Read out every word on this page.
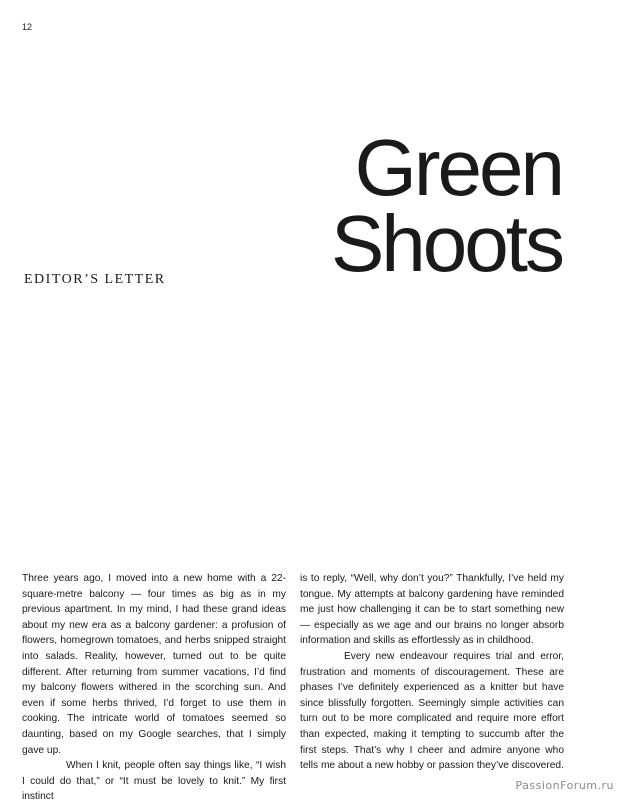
12
Green
Shoots
EDITOR’S LETTER

Three years ago, I moved into a new home with a 22-square-metre balcony — four times as big as in my previous apartment. In my mind, I had these grand ideas about my new era as a balcony gardener: a profusion of flowers, homegrown tomatoes, and herbs snipped straight into salads. Reality, however, turned out to be quite different. After returning from summer vacations, I’d find my balcony flowers withered in the scorching sun. And even if some herbs thrived, I’d forget to use them in cooking. The intricate world of tomatoes seemed so daunting, based on my Google searches, that I simply gave up.

When I knit, people often say things like, “I wish I could do that,” or “It must be lovely to knit.” My first instinct

is to reply, “Well, why don’t you?” Thankfully, I’ve held my tongue. My attempts at balcony gardening have reminded me just how challenging it can be to start something new — especially as we age and our brains no longer absorb information and skills as effortlessly as in childhood.

Every new endeavour requires trial and error, frustration and moments of discouragement. These are phases I’ve definitely experienced as a knitter but have since blissfully forgotten. Seemingly simple activities can turn out to be more complicated and require more effort than expected, making it tempting to succumb after the first steps. That’s why I cheer and admire anyone who tells me about a new hobby or passion they’ve discovered.

PassionForum.ru
